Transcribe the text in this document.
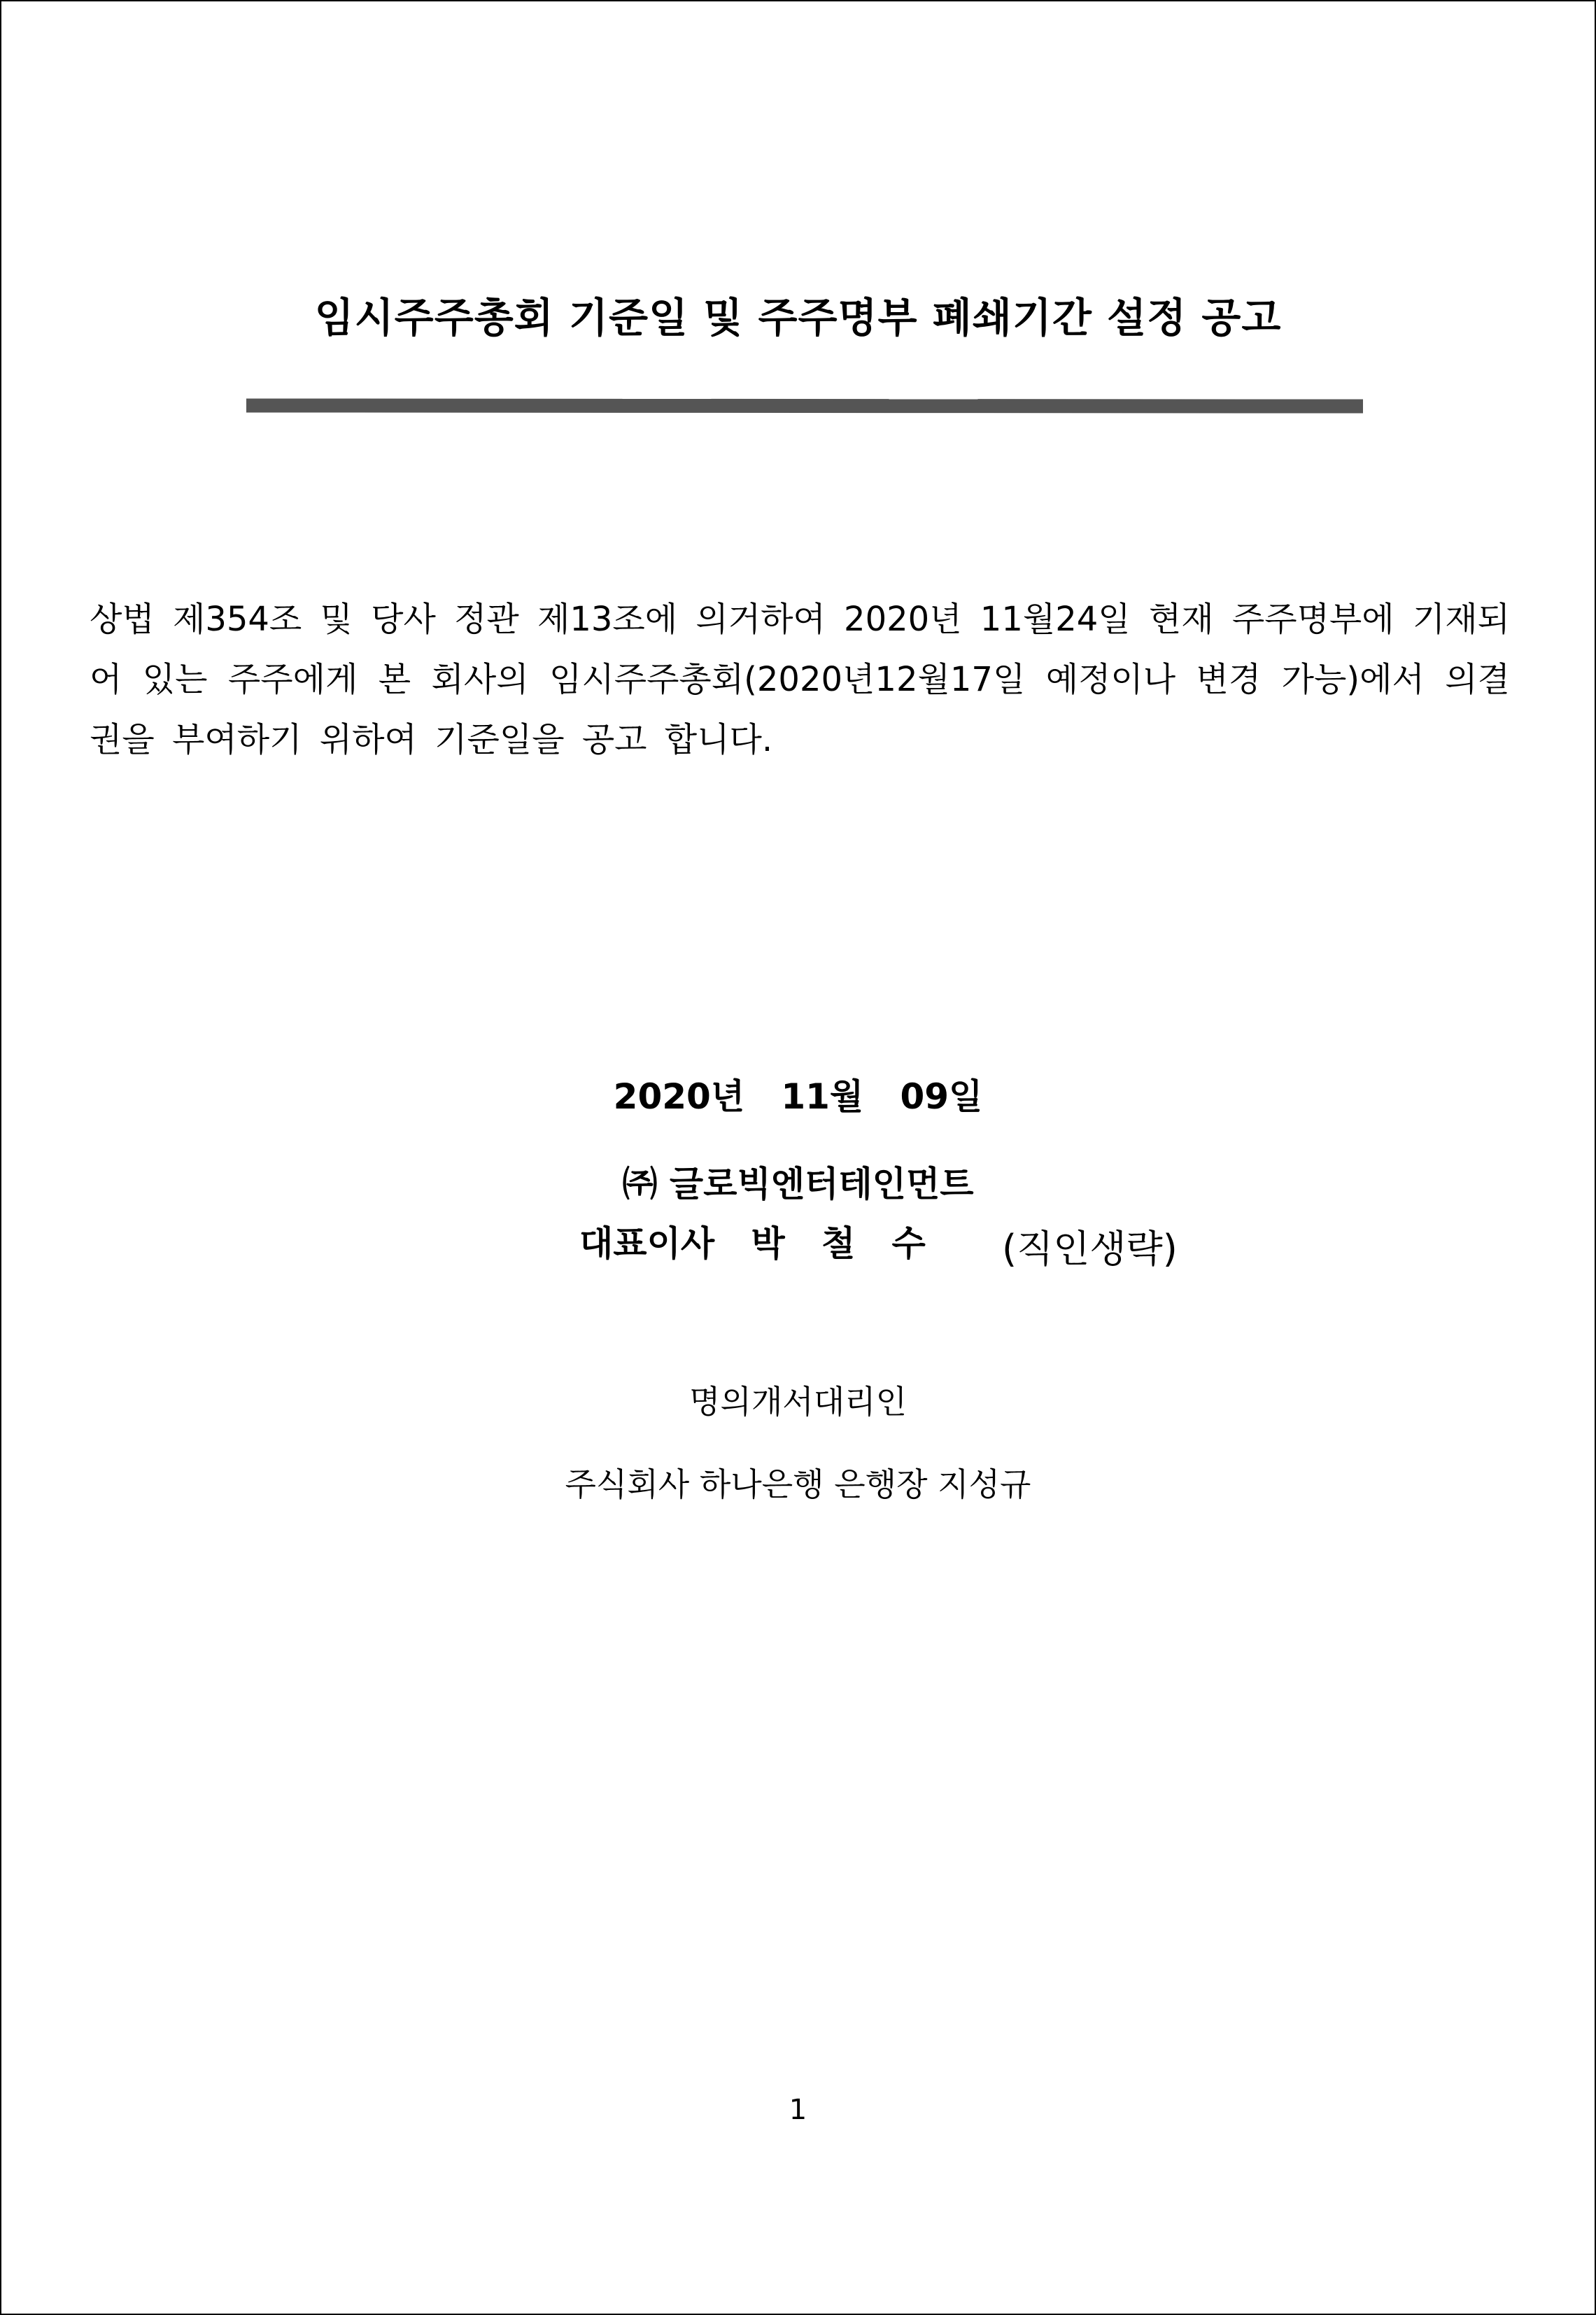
임시주주총회 기준일 및 주주명부 폐쇄기간 설정 공고
상법 제354조 및 당사 정관 제13조에 의거하여 2020년 11월24일 현재 주주명부에 기재되어 있는 주주에게 본 회사의 임시주주총회(2020년12월17일 예정이나 변경 가능)에서 의결권을 부여하기 위하여 기준일을 공고 합니다.
2020년   11월   09일
㈜ 글로빅엔터테인먼트
대표이사   박   철   수 (직인생략)
명의개서대리인
주식회사 하나은행 은행장 지성규
1
